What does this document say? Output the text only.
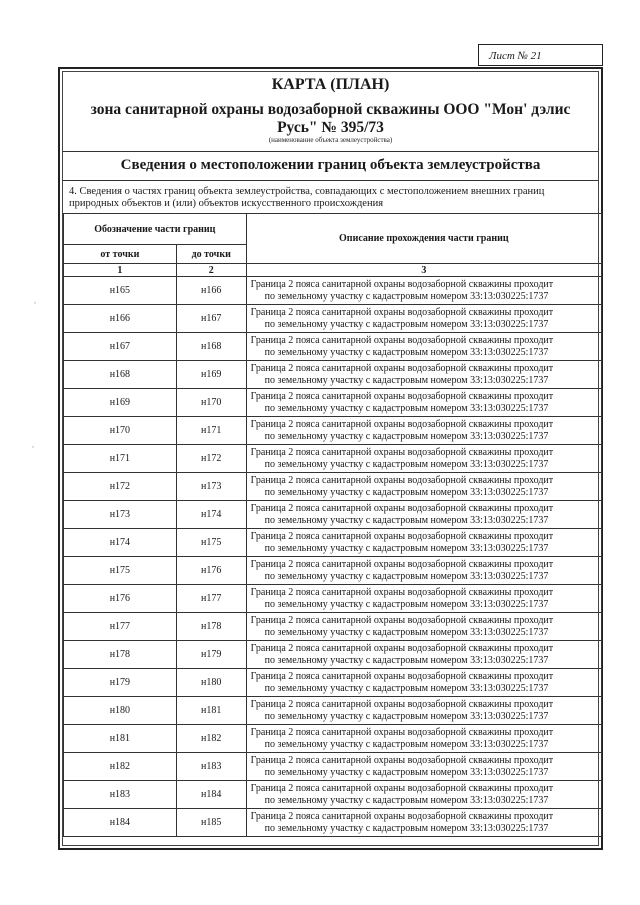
Лист № 21
КАРТА (ПЛАН)
зона санитарной охраны водозаборной скважины ООО "Мон' дэлис Русь" № 395/73
(наименование объекта землеустройства)
Сведения о местоположении границ объекта землеустройства
4. Сведения о частях границ объекта землеустройства, совпадающих с местоположением внешних границ природных объектов и (или) объектов искусственного происхождения
Обозначение части границ		Описание прохождения части границ
от точки	до точки	
1	2	3
н165	н166	Граница 2 пояса санитарной охраны водозаборной скважины проходит
по земельному участку с кадастровым номером 33:13:030225:1737

н166	н167	Граница 2 пояса санитарной охраны водозаборной скважины проходит
по земельному участку с кадастровым номером 33:13:030225:1737

н167	н168	Граница 2 пояса санитарной охраны водозаборной скважины проходит
по земельному участку с кадастровым номером 33:13:030225:1737

н168	н169	Граница 2 пояса санитарной охраны водозаборной скважины проходит
по земельному участку с кадастровым номером 33:13:030225:1737

н169	н170	Граница 2 пояса санитарной охраны водозаборной скважины проходит
по земельному участку с кадастровым номером 33:13:030225:1737

н170	н171	Граница 2 пояса санитарной охраны водозаборной скважины проходит
по земельному участку с кадастровым номером 33:13:030225:1737

н171	н172	Граница 2 пояса санитарной охраны водозаборной скважины проходит
по земельному участку с кадастровым номером 33:13:030225:1737

н172	н173	Граница 2 пояса санитарной охраны водозаборной скважины проходит
по земельному участку с кадастровым номером 33:13:030225:1737

н173	н174	Граница 2 пояса санитарной охраны водозаборной скважины проходит
по земельному участку с кадастровым номером 33:13:030225:1737

н174	н175	Граница 2 пояса санитарной охраны водозаборной скважины проходит
по земельному участку с кадастровым номером 33:13:030225:1737

н175	н176	Граница 2 пояса санитарной охраны водозаборной скважины проходит
по земельному участку с кадастровым номером 33:13:030225:1737

н176	н177	Граница 2 пояса санитарной охраны водозаборной скважины проходит
по земельному участку с кадастровым номером 33:13:030225:1737

н177	н178	Граница 2 пояса санитарной охраны водозаборной скважины проходит
по земельному участку с кадастровым номером 33:13:030225:1737

н178	н179	Граница 2 пояса санитарной охраны водозаборной скважины проходит
по земельному участку с кадастровым номером 33:13:030225:1737

н179	н180	Граница 2 пояса санитарной охраны водозаборной скважины проходит
по земельному участку с кадастровым номером 33:13:030225:1737

н180	н181	Граница 2 пояса санитарной охраны водозаборной скважины проходит
по земельному участку с кадастровым номером 33:13:030225:1737

н181	н182	Граница 2 пояса санитарной охраны водозаборной скважины проходит
по земельному участку с кадастровым номером 33:13:030225:1737

н182	н183	Граница 2 пояса санитарной охраны водозаборной скважины проходит
по земельному участку с кадастровым номером 33:13:030225:1737

н183	н184	Граница 2 пояса санитарной охраны водозаборной скважины проходит
по земельному участку с кадастровым номером 33:13:030225:1737

н184	н185	Граница 2 пояса санитарной охраны водозаборной скважины проходит
по земельному участку с кадастровым номером 33:13:030225:1737
,
,
